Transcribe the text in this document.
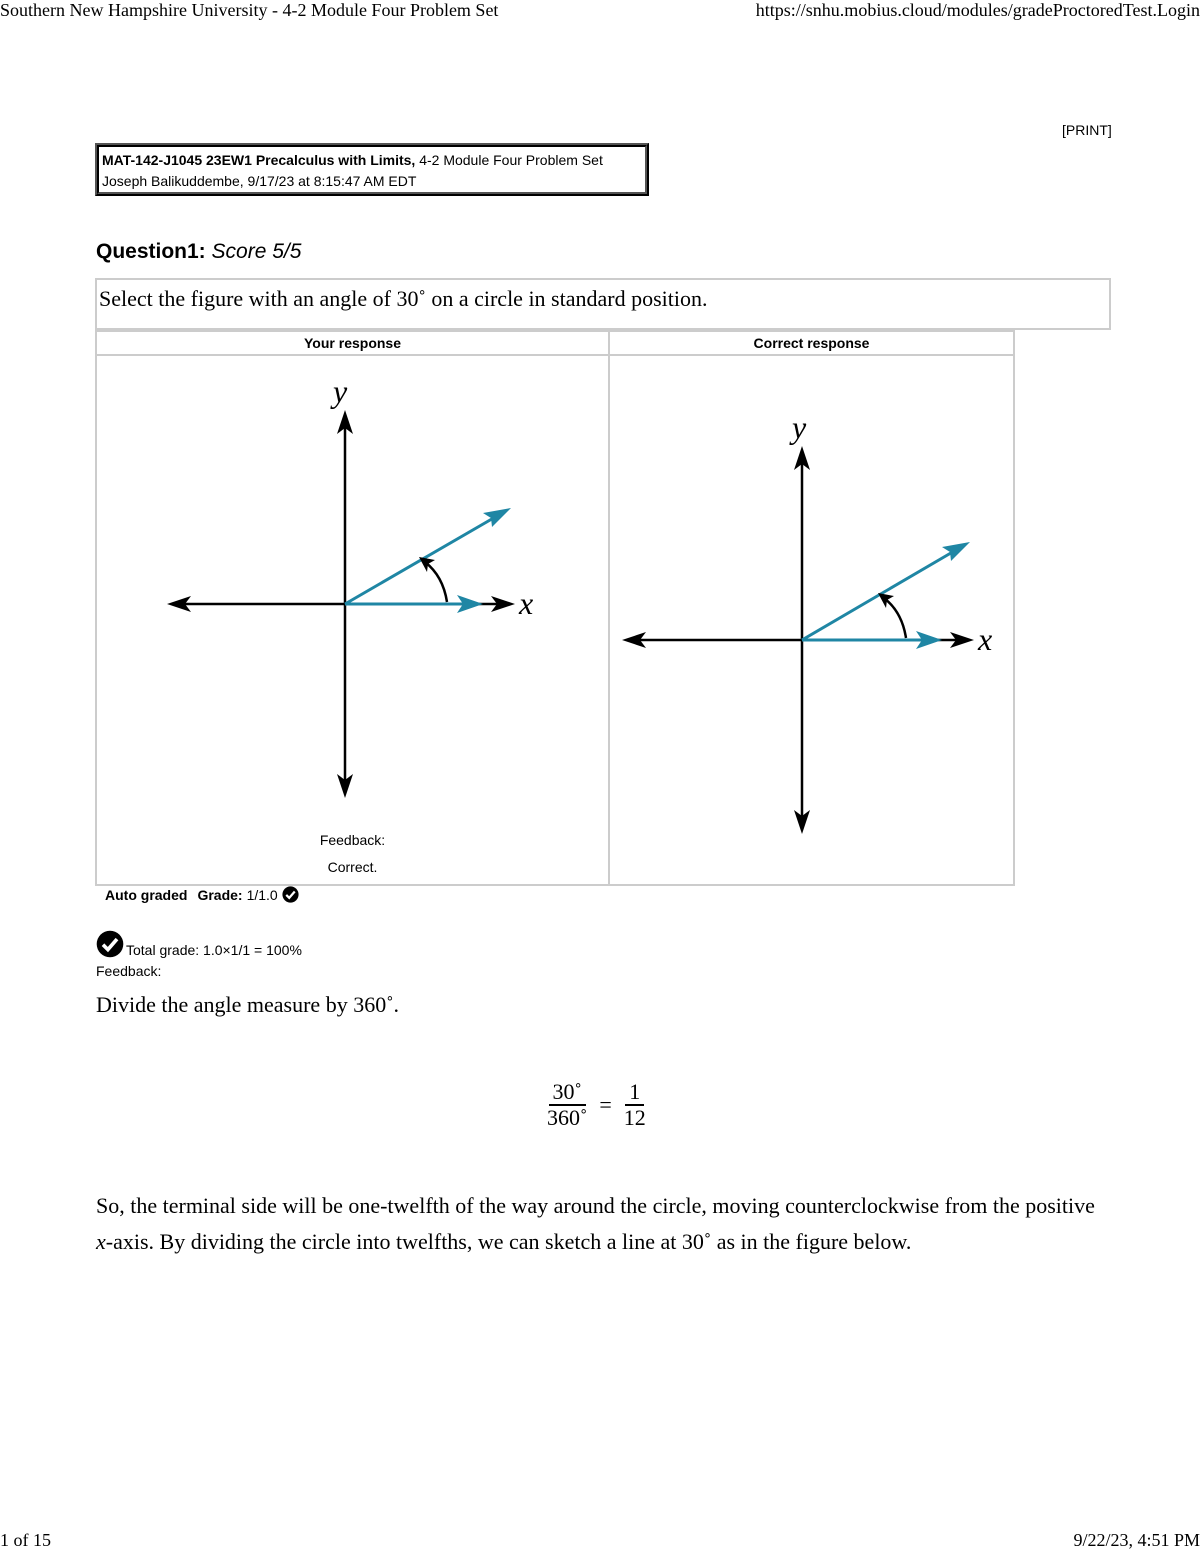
Southern New Hampshire University - 4-2 Module Four Problem Set	https://snhu.mobius.cloud/modules/gradeProctoredTest.Login
[PRINT]
MAT-142-J1045 23EW1 Precalculus with Limits, 4-2 Module Four Problem Set
Joseph Balikuddembe, 9/17/23 at 8:15:47 AM EDT
Question1: Score 5/5
Select the figure with an angle of 30˚ on a circle in standard position.
Your response
x
y
Feedback:
Correct.
Correct response
x
y
Auto graded Grade: 1/1.0
Total grade: 1.0×1/1 = 100%
Feedback:
Divide the angle measure by 360˚.
$\frac{30˚}{360˚} = \frac{1}{12}$
So, the terminal side will be one-twelfth of the way around the circle, moving counterclockwise from the positive x-axis. By dividing the circle into twelfths, we can sketch a line at 30˚ as in the figure below.
1 of 15	9/22/23, 4:51 PM
